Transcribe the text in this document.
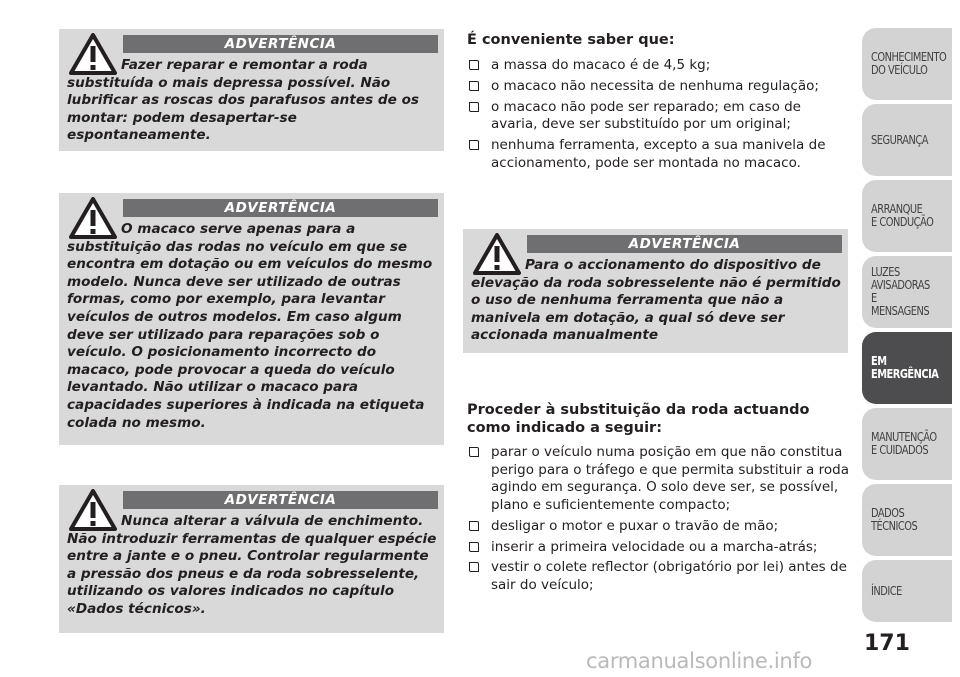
ADVERTÊNCIA
Fazer reparar e remontar a roda substituída o mais depressa possível. Não lubrificar as roscas dos parafusos antes de os montar: podem desapertar-se espontaneamente.
ADVERTÊNCIA
O macaco serve apenas para a substituição das rodas no veículo em que se encontra em dotação ou em veículos do mesmo modelo. Nunca deve ser utilizado de outras formas, como por exemplo, para levantar veículos de outros modelos. Em caso algum deve ser utilizado para reparações sob o veículo. O posicionamento incorrecto do macaco, pode provocar a queda do veículo levantado. Não utilizar o macaco para capacidades superiores à indicada na etiqueta colada no mesmo.
ADVERTÊNCIA
Nunca alterar a válvula de enchimento. Não introduzir ferramentas de qualquer espécie entre a jante e o pneu. Controlar regularmente a pressão dos pneus e da roda sobresselente, utilizando os valores indicados no capítulo «Dados técnicos».
ADVERTÊNCIA
Para o accionamento do dispositivo de elevação da roda sobresselente não é permitido o uso de nenhuma ferramenta que não a manivela em dotação, a qual só deve ser accionada manualmente
É conveniente saber que:
a massa do macaco é de 4,5 kg;
o macaco não necessita de nenhuma regulação;
o macaco não pode ser reparado; em caso de avaria, deve ser substituído por um original;
nenhuma ferramenta, excepto a sua manivela de accionamento, pode ser montada no macaco.
Proceder à substituição da roda actuando como indicado a seguir:
parar o veículo numa posição em que não constitua perigo para o tráfego e que permita substituir a roda agindo em segurança. O solo deve ser, se possível, plano e suficientemente compacto;
desligar o motor e puxar o travão de mão;
inserir a primeira velocidade ou a marcha-atrás;
vestir o colete reflector (obrigatório por lei) antes de sair do veículo;
CONHECIMENTO
DO VEÍCULO
SEGURANÇA
ARRANQUE
E CONDUÇÃO
LUZES
AVISADORAS
E MENSAGENS
EM EMERGÊNCIA
MANUTENÇÃO
E CUIDADOS
DADOS
TÉCNICOS
ÍNDICE
171
carmanualsonline.info
